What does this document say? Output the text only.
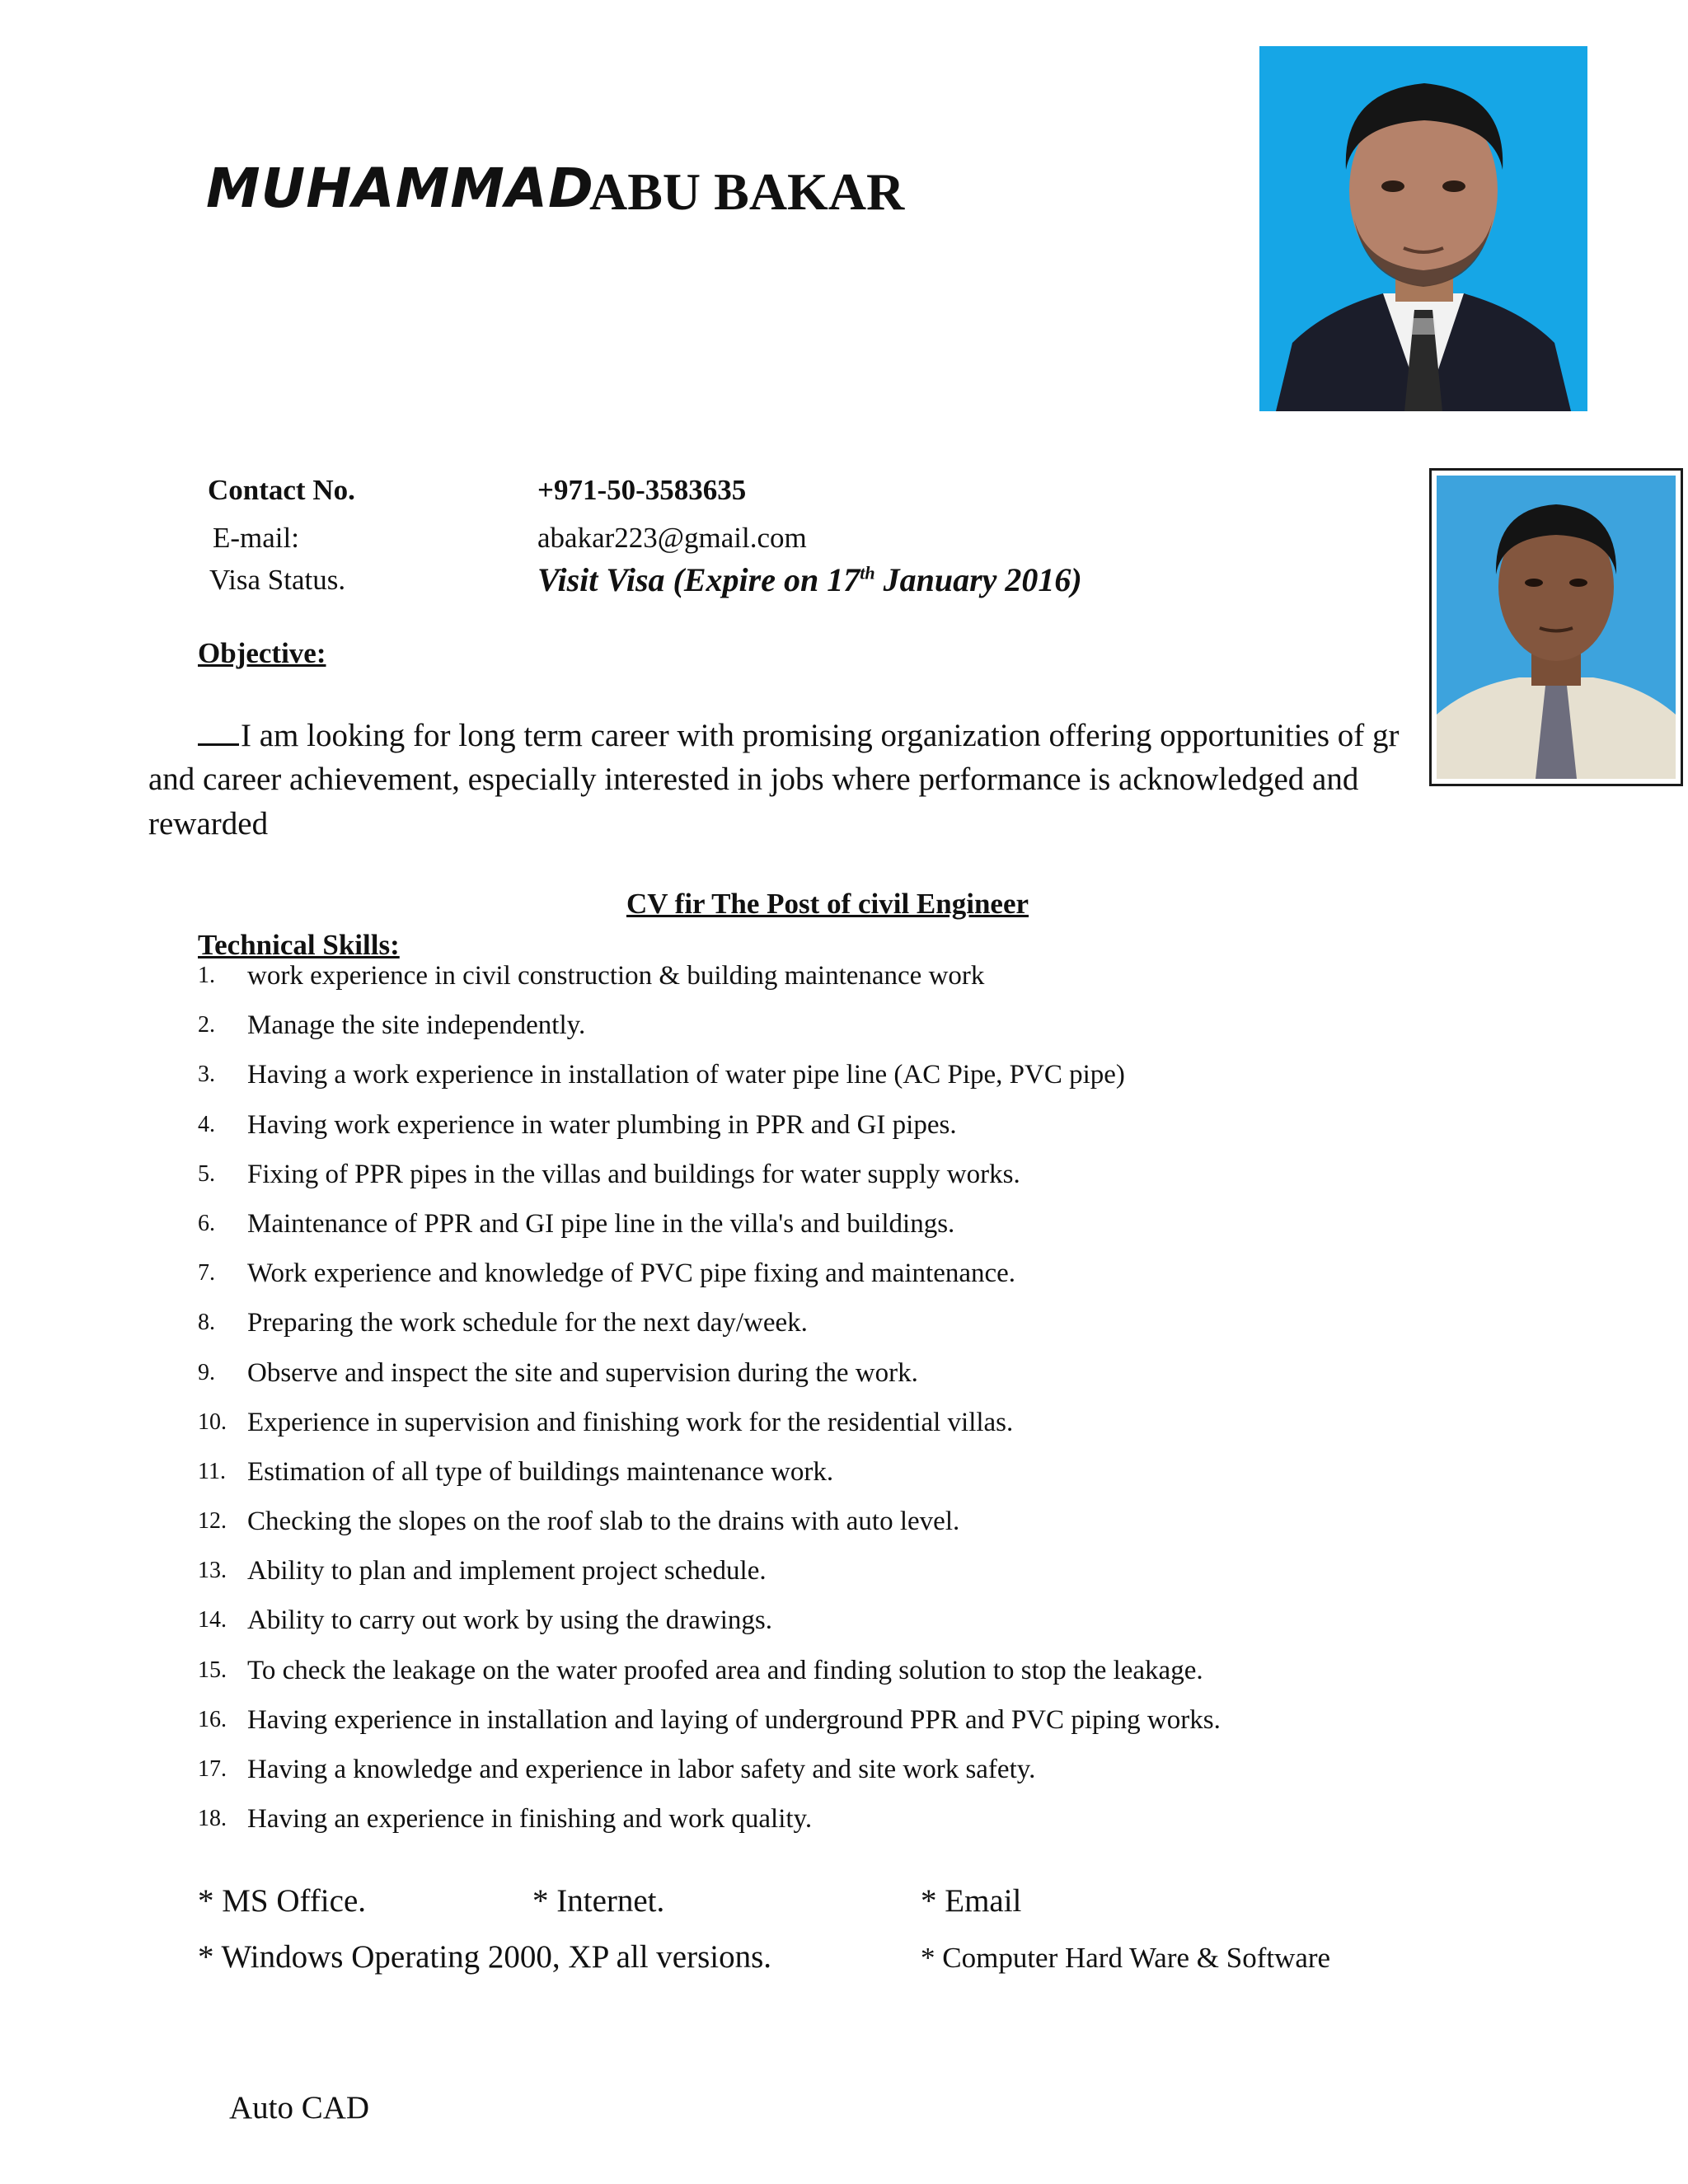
MUHAMMAD
ABU BAKAR
Contact No.	+971-50-3583635
E-mail:	abakar223@gmail.com
Visa Status.	Visit Visa (Expire on 17th January 2016)
Objective:
I am looking for long term career with promising organization offering opportunities of gr
and career achievement, especially interested in jobs where performance is acknowledged and
rewarded
CV fir The Post of civil Engineer
Technical Skills:
1. work experience in civil construction & building maintenance work
2. Manage the site independently.
3. Having a work experience in installation of water pipe line (AC Pipe, PVC pipe)
4. Having work experience in water plumbing in PPR and GI pipes.
5. Fixing of PPR pipes in the villas and buildings for water supply works.
6. Maintenance of PPR and GI pipe line in the villa's and buildings.
7. Work experience and knowledge of PVC pipe fixing and maintenance.
8. Preparing the work schedule for the next day/week.
9. Observe and inspect the site and supervision during the work.
10. Experience in supervision and finishing work for the residential villas.
11. Estimation of all type of buildings maintenance work.
12. Checking the slopes on the roof slab to the drains with auto level.
13. Ability to plan and implement project schedule.
14. Ability to carry out work by using the drawings.
15. To check the leakage on the water proofed area and finding solution to stop the leakage.
16. Having experience in installation and laying of underground PPR and PVC piping works.
17. Having a knowledge and experience in labor safety and site work safety.
18. Having an experience in finishing and work quality.
* MS Office.	* Internet.	* Email
* Windows Operating 2000, XP all versions.	* Computer Hard Ware & Software
Auto CAD
